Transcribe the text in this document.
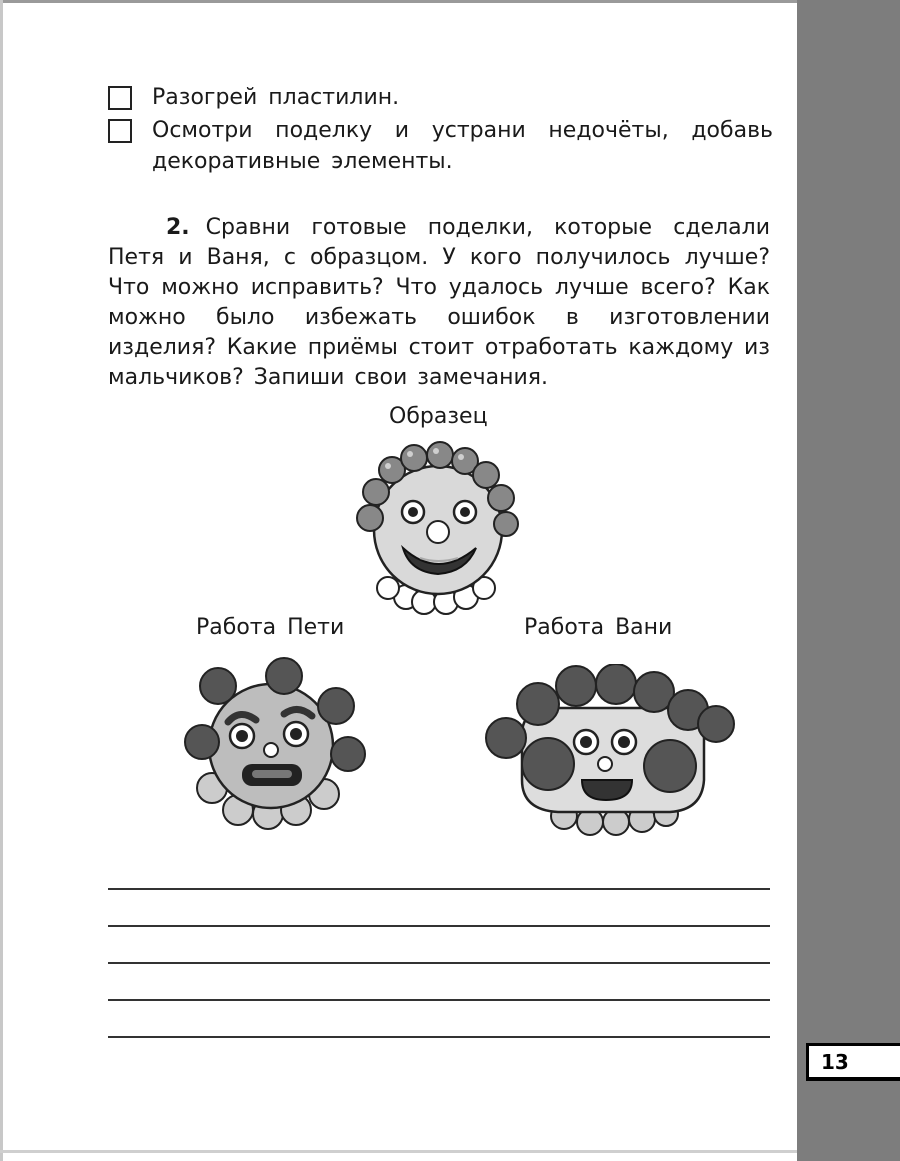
13
Разогрей пластилин.
Осмотри поделку и устрани недочёты, добавь декоративные элементы.
2. Сравни готовые поделки, которые сделали Петя и Ваня, с образцом. У кого получилось лучше? Что можно исправить? Что удалось лучше всего? Как можно было избежать ошибок в изготовлении изделия? Какие приёмы стоит отработать каждому из мальчиков? Запиши свои замечания.
Образец
Работа Пети	Работа Вани
